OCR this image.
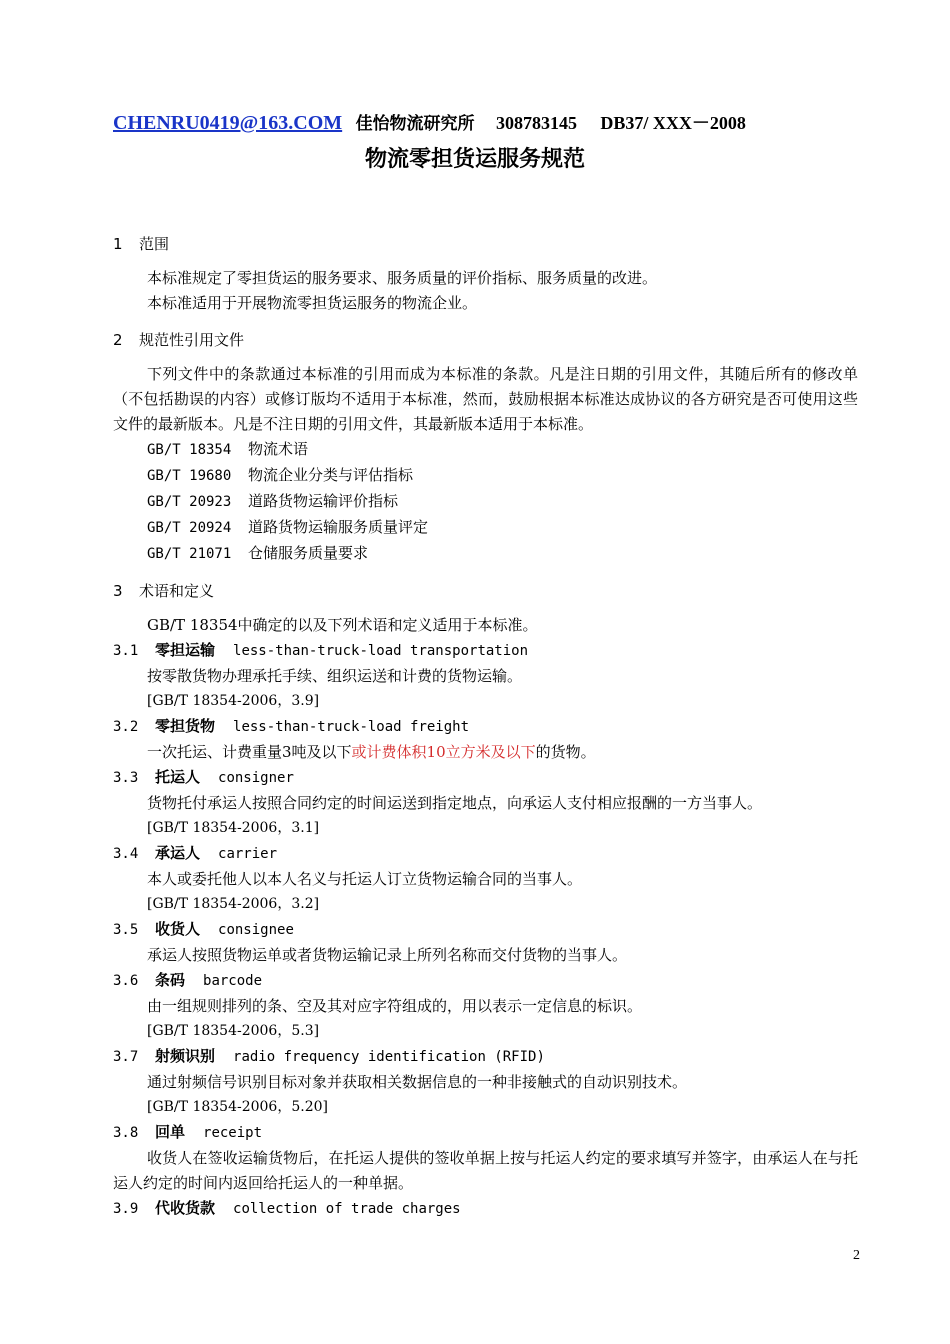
CHENRU0419@163.COM 佳怡物流研究所 308783145 DB37/ XXX－2008
物流零担货运服务规范
1 范围

本标准规定了零担货运的服务要求、服务质量的评价指标、服务质量的改进。

本标准适用于开展物流零担货运服务的物流企业。

2 规范性引用文件

下列文件中的条款通过本标准的引用而成为本标准的条款。凡是注日期的引用文件，其随后所有的修改单（不包括勘误的内容）或修订版均不适用于本标准，然而，鼓励根据本标准达成协议的各方研究是否可使用这些文件的最新版本。凡是不注日期的引用文件，其最新版本适用于本标准。

GB/T 18354 物流术语
GB/T 19680 物流企业分类与评估指标
GB/T 20923 道路货物运输评价指标
GB/T 20924 道路货物运输服务质量评定
GB/T 21071 仓储服务质量要求
3 术语和定义

GB/T 18354中确定的以及下列术语和定义适用于本标准。

3.1 零担运输 less-than-truck-load transportation

按零散货物办理承托手续、组织运送和计费的货物运输。

[GB/T 18354-2006，3.9]

3.2 零担货物 less-than-truck-load freight

一次托运、计费重量3吨及以下或计费体积10立方米及以下的货物。

3.3 托运人 consigner

货物托付承运人按照合同约定的时间运送到指定地点，向承运人支付相应报酬的一方当事人。

[GB/T 18354-2006，3.1]

3.4 承运人 carrier

本人或委托他人以本人名义与托运人订立货物运输合同的当事人。

[GB/T 18354-2006，3.2]

3.5 收货人 consignee

承运人按照货物运单或者货物运输记录上所列名称而交付货物的当事人。

3.6 条码 barcode

由一组规则排列的条、空及其对应字符组成的，用以表示一定信息的标识。

[GB/T 18354-2006，5.3]

3.7 射频识别 radio frequency identification (RFID)

通过射频信号识别目标对象并获取相关数据信息的一种非接触式的自动识别技术。

[GB/T 18354-2006，5.20]

3.8 回单 receipt

收货人在签收运输货物后，在托运人提供的签收单据上按与托运人约定的要求填写并签字，由承运人在与托运人约定的时间内返回给托运人的一种单据。

3.9 代收货款 collection of trade charges
2
